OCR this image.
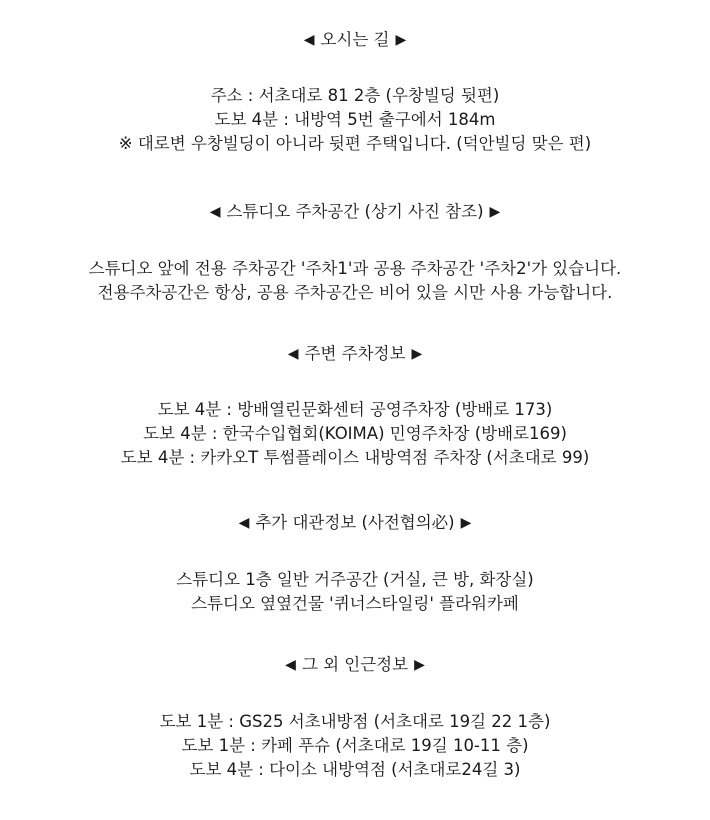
◀ 오시는 길 ▶
주소 : 서초대로 81 2층 (우창빌딩 뒷편)
도보 4분 : 내방역 5번 출구에서 184m
※ 대로변 우창빌딩이 아니라 뒷편 주택입니다. (덕안빌딩 맞은 편)
◀ 스튜디오 주차공간 (상기 사진 참조) ▶
스튜디오 앞에 전용 주차공간 '주차1'과 공용 주차공간 '주차2'가 있습니다.
전용주차공간은 항상, 공용 주차공간은 비어 있을 시만 사용 가능합니다.
◀ 주변 주차정보 ▶
도보 4분 : 방배열린문화센터 공영주차장 (방배로 173)
도보 4분 : 한국수입협회(KOIMA) 민영주차장 (방배로169)
도보 4분 : 카카오T 투썸플레이스 내방역점 주차장 (서초대로 99)
◀ 추가 대관정보 (사전협의必) ▶
스튜디오 1층 일반 거주공간 (거실, 큰 방, 화장실)
스튜디오 옆옆건물 '퀴너스타일링' 플라워카페
◀ 그 외 인근정보 ▶
도보 1분 : GS25 서초내방점 (서초대로 19길 22 1층)
도보 1분 : 카페 푸슈 (서초대로 19길 10-11 층)
도보 4분 : 다이소 내방역점 (서초대로24길 3)
